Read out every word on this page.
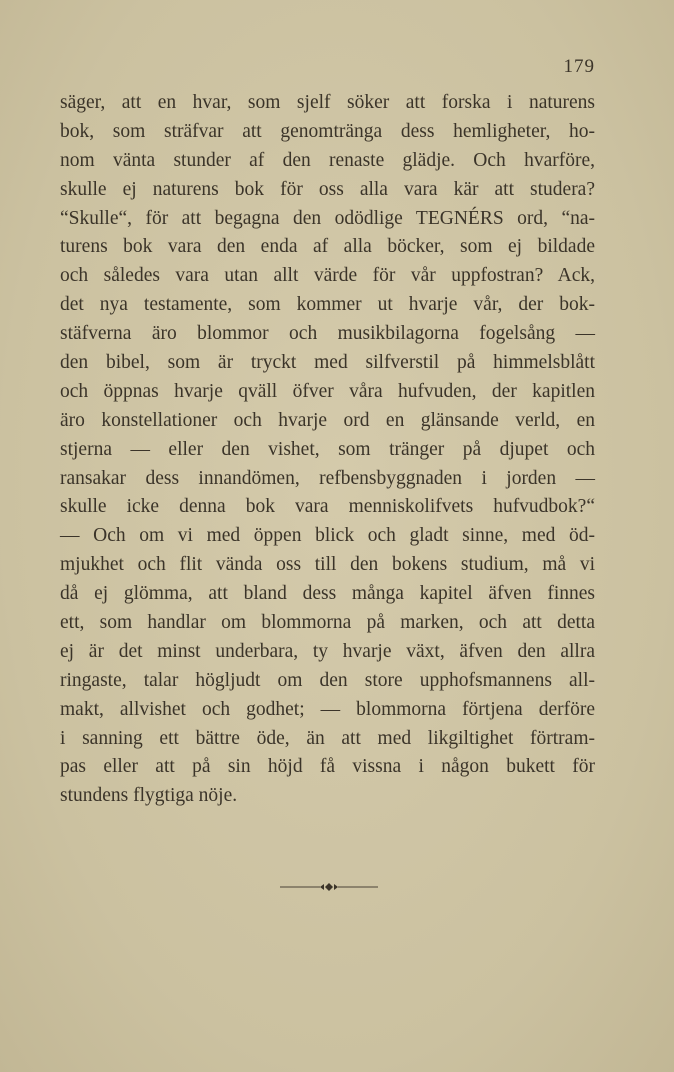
179
säger, att en hvar, som sjelf söker att forska i naturens
bok, som sträfvar att genomtränga dess hemligheter, ho-
nom vänta stunder af den renaste glädje. Och hvarföre,
skulle ej naturens bok för oss alla vara kär att studera?
“Skulle“, för att begagna den odödlige TEGNÉRS ord, “na-
turens bok vara den enda af alla böcker, som ej bildade
och således vara utan allt värde för vår uppfostran? Ack,
det nya testamente, som kommer ut hvarje vår, der bok-
stäfverna äro blommor och musikbilagorna fogelsång —
den bibel, som är tryckt med silfverstil på himmelsblått
och öppnas hvarje qväll öfver våra hufvuden, der kapitlen
äro konstellationer och hvarje ord en glänsande verld, en
stjerna — eller den vishet, som tränger på djupet och
ransakar dess innandömen, refbensbyggnaden i jorden —
skulle icke denna bok vara menniskolifvets hufvudbok?“
— Och om vi med öppen blick och gladt sinne, med öd-
mjukhet och flit vända oss till den bokens studium, må vi
då ej glömma, att bland dess många kapitel äfven finnes
ett, som handlar om blommorna på marken, och att detta
ej är det minst underbara, ty hvarje växt, äfven den allra
ringaste, talar högljudt om den store upphofsmannens all-
makt, allvishet och godhet; — blommorna förtjena derföre
i sanning ett bättre öde, än att med likgiltighet förtram-
pas eller att på sin höjd få vissna i någon bukett för
stundens flygtiga nöje.
